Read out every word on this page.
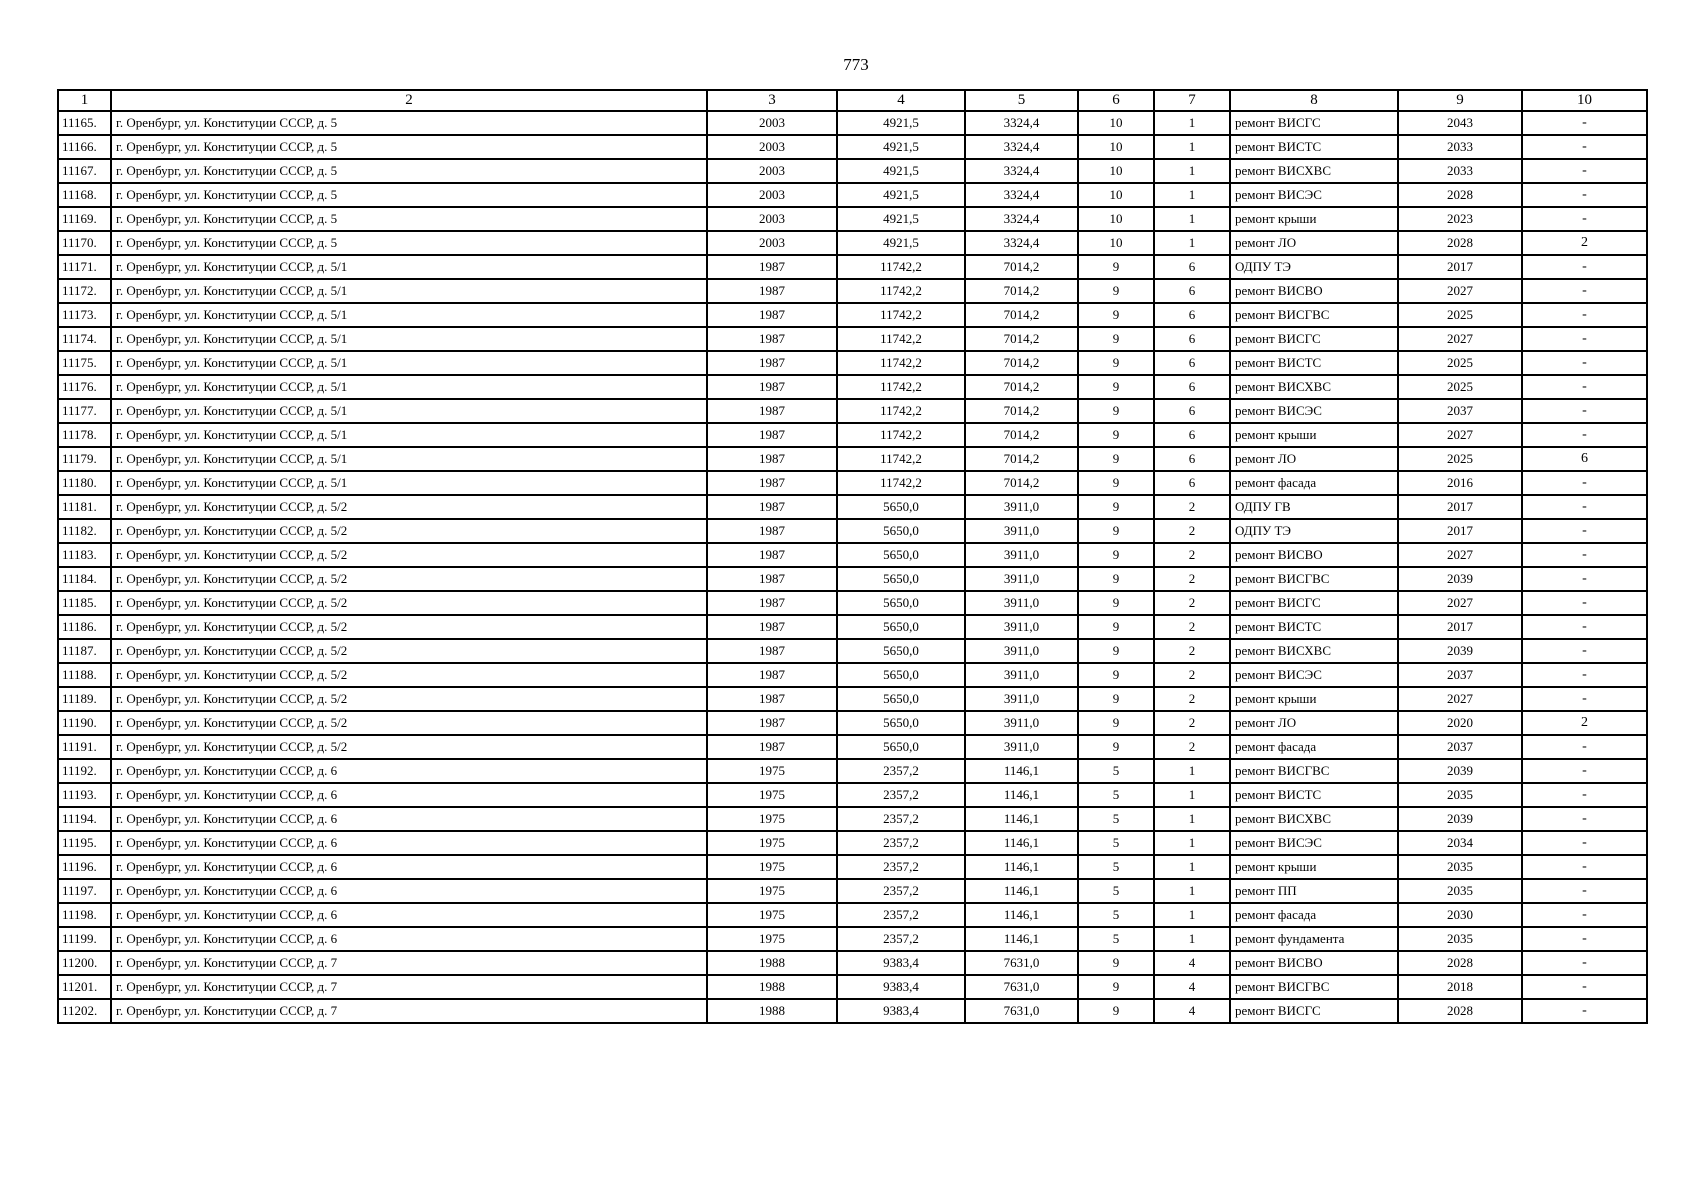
773
1	2	3	4	5	6	7	8	9	10
11165.	г. Оренбург, ул. Конституции СССР, д. 5	2003	4921,5	3324,4	10	1	ремонт ВИСГС	2043	-
11166.	г. Оренбург, ул. Конституции СССР, д. 5	2003	4921,5	3324,4	10	1	ремонт ВИСТС	2033	-
11167.	г. Оренбург, ул. Конституции СССР, д. 5	2003	4921,5	3324,4	10	1	ремонт ВИСХВС	2033	-
11168.	г. Оренбург, ул. Конституции СССР, д. 5	2003	4921,5	3324,4	10	1	ремонт ВИСЭС	2028	-
11169.	г. Оренбург, ул. Конституции СССР, д. 5	2003	4921,5	3324,4	10	1	ремонт крыши	2023	-
11170.	г. Оренбург, ул. Конституции СССР, д. 5	2003	4921,5	3324,4	10	1	ремонт ЛО	2028	2
11171.	г. Оренбург, ул. Конституции СССР, д. 5/1	1987	11742,2	7014,2	9	6	ОДПУ ТЭ	2017	-
11172.	г. Оренбург, ул. Конституции СССР, д. 5/1	1987	11742,2	7014,2	9	6	ремонт ВИСВО	2027	-
11173.	г. Оренбург, ул. Конституции СССР, д. 5/1	1987	11742,2	7014,2	9	6	ремонт ВИСГВС	2025	-
11174.	г. Оренбург, ул. Конституции СССР, д. 5/1	1987	11742,2	7014,2	9	6	ремонт ВИСГС	2027	-
11175.	г. Оренбург, ул. Конституции СССР, д. 5/1	1987	11742,2	7014,2	9	6	ремонт ВИСТС	2025	-
11176.	г. Оренбург, ул. Конституции СССР, д. 5/1	1987	11742,2	7014,2	9	6	ремонт ВИСХВС	2025	-
11177.	г. Оренбург, ул. Конституции СССР, д. 5/1	1987	11742,2	7014,2	9	6	ремонт ВИСЭС	2037	-
11178.	г. Оренбург, ул. Конституции СССР, д. 5/1	1987	11742,2	7014,2	9	6	ремонт крыши	2027	-
11179.	г. Оренбург, ул. Конституции СССР, д. 5/1	1987	11742,2	7014,2	9	6	ремонт ЛО	2025	6
11180.	г. Оренбург, ул. Конституции СССР, д. 5/1	1987	11742,2	7014,2	9	6	ремонт фасада	2016	-
11181.	г. Оренбург, ул. Конституции СССР, д. 5/2	1987	5650,0	3911,0	9	2	ОДПУ ГВ	2017	-
11182.	г. Оренбург, ул. Конституции СССР, д. 5/2	1987	5650,0	3911,0	9	2	ОДПУ ТЭ	2017	-
11183.	г. Оренбург, ул. Конституции СССР, д. 5/2	1987	5650,0	3911,0	9	2	ремонт ВИСВО	2027	-
11184.	г. Оренбург, ул. Конституции СССР, д. 5/2	1987	5650,0	3911,0	9	2	ремонт ВИСГВС	2039	-
11185.	г. Оренбург, ул. Конституции СССР, д. 5/2	1987	5650,0	3911,0	9	2	ремонт ВИСГС	2027	-
11186.	г. Оренбург, ул. Конституции СССР, д. 5/2	1987	5650,0	3911,0	9	2	ремонт ВИСТС	2017	-
11187.	г. Оренбург, ул. Конституции СССР, д. 5/2	1987	5650,0	3911,0	9	2	ремонт ВИСХВС	2039	-
11188.	г. Оренбург, ул. Конституции СССР, д. 5/2	1987	5650,0	3911,0	9	2	ремонт ВИСЭС	2037	-
11189.	г. Оренбург, ул. Конституции СССР, д. 5/2	1987	5650,0	3911,0	9	2	ремонт крыши	2027	-
11190.	г. Оренбург, ул. Конституции СССР, д. 5/2	1987	5650,0	3911,0	9	2	ремонт ЛО	2020	2
11191.	г. Оренбург, ул. Конституции СССР, д. 5/2	1987	5650,0	3911,0	9	2	ремонт фасада	2037	-
11192.	г. Оренбург, ул. Конституции СССР, д. 6	1975	2357,2	1146,1	5	1	ремонт ВИСГВС	2039	-
11193.	г. Оренбург, ул. Конституции СССР, д. 6	1975	2357,2	1146,1	5	1	ремонт ВИСТС	2035	-
11194.	г. Оренбург, ул. Конституции СССР, д. 6	1975	2357,2	1146,1	5	1	ремонт ВИСХВС	2039	-
11195.	г. Оренбург, ул. Конституции СССР, д. 6	1975	2357,2	1146,1	5	1	ремонт ВИСЭС	2034	-
11196.	г. Оренбург, ул. Конституции СССР, д. 6	1975	2357,2	1146,1	5	1	ремонт крыши	2035	-
11197.	г. Оренбург, ул. Конституции СССР, д. 6	1975	2357,2	1146,1	5	1	ремонт ПП	2035	-
11198.	г. Оренбург, ул. Конституции СССР, д. 6	1975	2357,2	1146,1	5	1	ремонт фасада	2030	-
11199.	г. Оренбург, ул. Конституции СССР, д. 6	1975	2357,2	1146,1	5	1	ремонт фундамента	2035	-
11200.	г. Оренбург, ул. Конституции СССР, д. 7	1988	9383,4	7631,0	9	4	ремонт ВИСВО	2028	-
11201.	г. Оренбург, ул. Конституции СССР, д. 7	1988	9383,4	7631,0	9	4	ремонт ВИСГВС	2018	-
11202.	г. Оренбург, ул. Конституции СССР, д. 7	1988	9383,4	7631,0	9	4	ремонт ВИСГС	2028	-
